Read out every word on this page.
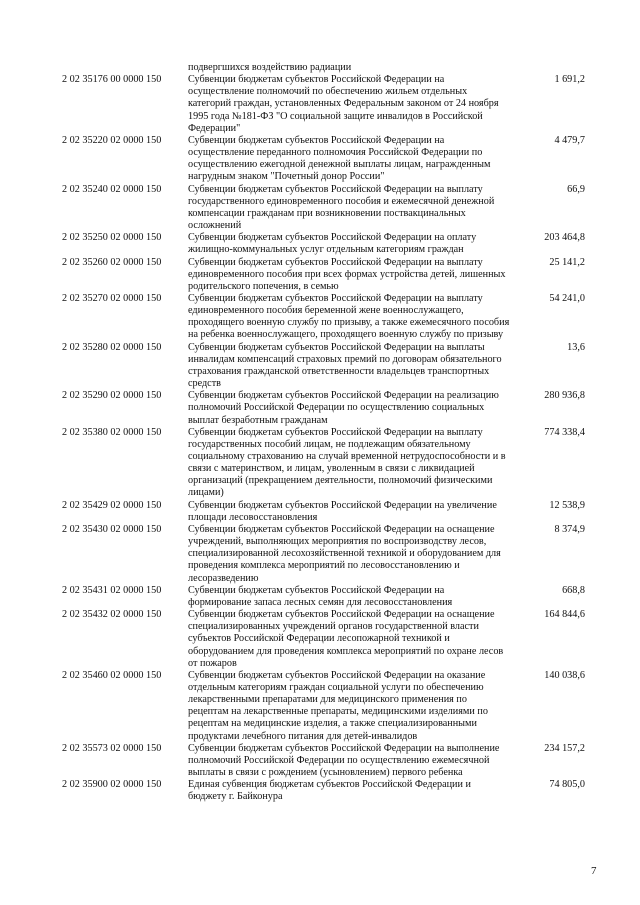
	подвергшихся воздействию радиации	
2 02 35176 00 0000 150	Субвенции бюджетам субъектов Российской Федерации на осуществление полномочий по обеспечению жильем отдельных категорий граждан, установленных Федеральным законом от 24 ноября 1995 года №181-ФЗ "О социальной защите инвалидов в Российской Федерации"	1 691,2
2 02 35220 02 0000 150	Субвенции бюджетам субъектов Российской Федерации на осуществление переданного полномочия Российской Федерации по осуществлению ежегодной денежной выплаты лицам, награжденным нагрудным знаком "Почетный донор России"	4 479,7
2 02 35240 02 0000 150	Субвенции бюджетам субъектов Российской Федерации на выплату государственного единовременного пособия и ежемесячной денежной компенсации гражданам при возникновении поствакцинальных осложнений	66,9
2 02 35250 02 0000 150	Субвенции бюджетам субъектов Российской Федерации на оплату жилищно-коммунальных услуг отдельным категориям граждан	203 464,8
2 02 35260 02 0000 150	Субвенции бюджетам субъектов Российской Федерации на выплату единовременного пособия при всех формах устройства детей, лишенных родительского попечения, в семью	25 141,2
2 02 35270 02 0000 150	Субвенции бюджетам субъектов Российской Федерации на выплату единовременного пособия беременной жене военнослужащего, проходящего военную службу по призыву, а также ежемесячного пособия на ребенка военнослужащего, проходящего военную службу по призыву	54 241,0
2 02 35280 02 0000 150	Субвенции бюджетам субъектов Российской Федерации на выплаты инвалидам компенсаций страховых премий по договорам обязательного страхования гражданской ответственности владельцев транспортных средств	13,6
2 02 35290 02 0000 150	Субвенции бюджетам субъектов Российской Федерации на реализацию полномочий Российской Федерации по осуществлению социальных выплат безработным гражданам	280 936,8
2 02 35380 02 0000 150	Субвенции бюджетам субъектов Российской Федерации на выплату государственных пособий лицам, не подлежащим обязательному социальному страхованию на случай временной нетрудоспособности и в связи с материнством, и лицам, уволенным в связи с ликвидацией организаций (прекращением деятельности, полномочий физическими лицами)	774 338,4
2 02 35429 02 0000 150	Субвенции бюджетам субъектов Российской Федерации на увеличение площади лесовосстановления	12 538,9
2 02 35430 02 0000 150	Субвенции бюджетам субъектов Российской Федерации на оснащение учреждений, выполняющих мероприятия по воспроизводству лесов, специализированной лесохозяйственной техникой и оборудованием для проведения комплекса мероприятий по лесовосстановлению и лесоразведению	8 374,9
2 02 35431 02 0000 150	Субвенции бюджетам субъектов Российской Федерации на формирование запаса лесных семян для лесовосстановления	668,8
2 02 35432 02 0000 150	Субвенции бюджетам субъектов Российской Федерации на оснащение специализированных учреждений органов государственной власти субъектов Российской Федерации лесопожарной техникой и оборудованием для проведения комплекса мероприятий по охране лесов от пожаров	164 844,6
2 02 35460 02 0000 150	Субвенции бюджетам субъектов Российской Федерации на оказание отдельным категориям граждан социальной услуги по обеспечению лекарственными препаратами для медицинского применения по рецептам на лекарственные препараты, медицинскими изделиями по рецептам на медицинские изделия, а также специализированными продуктами лечебного питания для детей-инвалидов	140 038,6
2 02 35573 02 0000 150	Субвенции бюджетам субъектов Российской Федерации на выполнение полномочий Российской Федерации по осуществлению ежемесячной выплаты в связи с рождением (усыновлением) первого ребенка	234 157,2
2 02 35900 02 0000 150	Единая субвенция бюджетам субъектов Российской Федерации и бюджету г. Байконура	74 805,0
7
